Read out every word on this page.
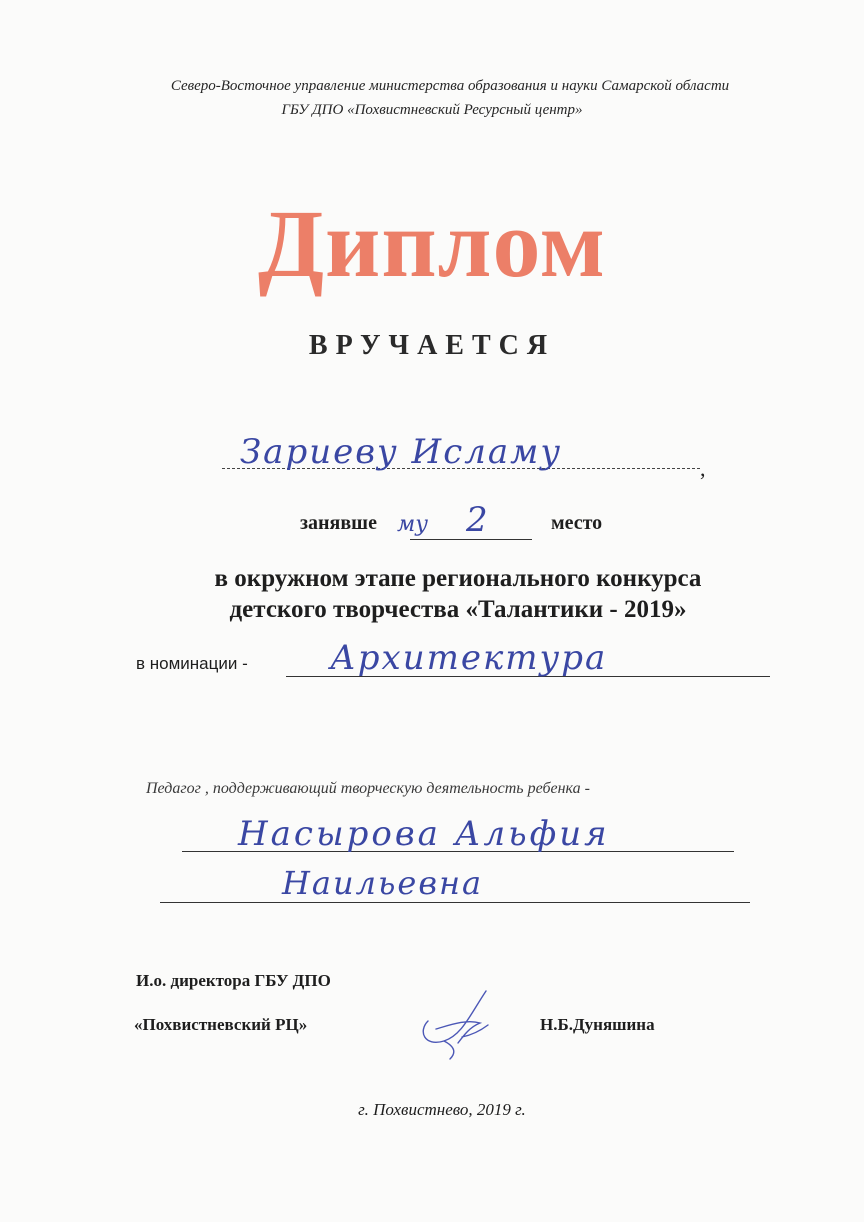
Северо-Восточное управление министерства образования и науки Самарской области
ГБУ ДПО «Похвистневский Ресурсный центр»
Диплом
ВРУЧАЕТСЯ
Зариеву Исламу	,
занявше му 2	место
в окружном этапе регионального конкурса
детского творчества «Талантики - 2019»
в номинации - Архитектура
Педагог , поддерживающий творческую деятельность ребенка -
Насырова Альфия
Наильевна
И.о. директора ГБУ ДПО
«Похвистневский РЦ»	Н.Б.Дуняшина
г. Похвистнево, 2019 г.
